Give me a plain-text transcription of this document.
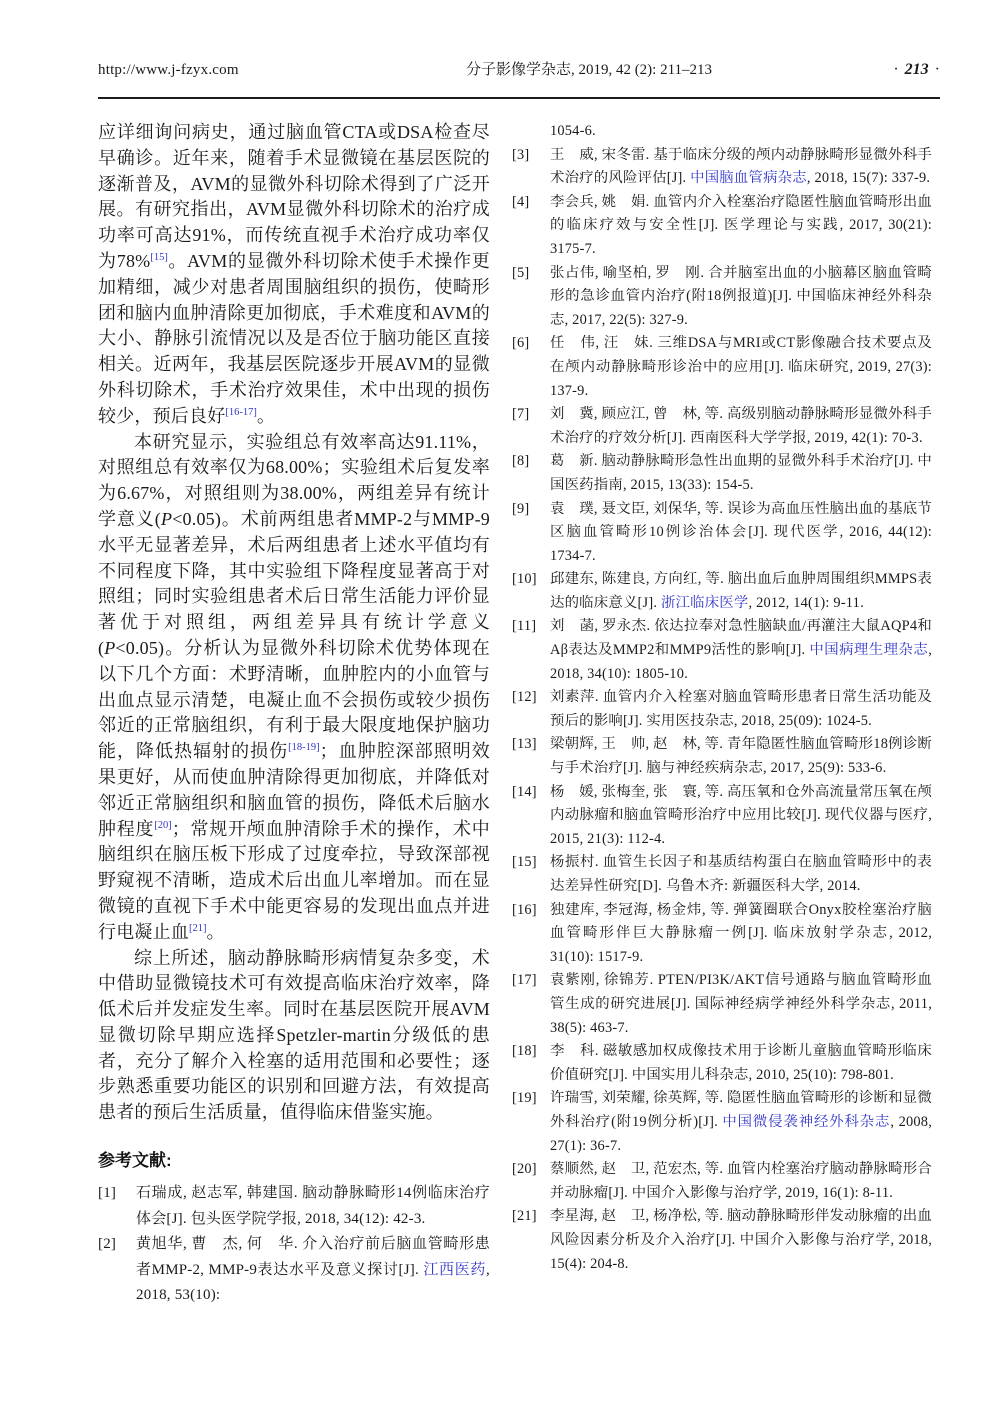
http://www.j-fzyx.com	分子影像学杂志, 2019, 42 (2): 211–213	· 213 ·

应详细询问病史，通过脑血管CTA或DSA检查尽早确诊。近年来，随着手术显微镜在基层医院的逐渐普及，AVM的显微外科切除术得到了广泛开展。有研究指出，AVM显微外科切除术的治疗成功率可高达91%，而传统直视手术治疗成功率仅为78%[15]。AVM的显微外科切除术使手术操作更加精细，减少对患者周围脑组织的损伤，使畸形团和脑内血肿清除更加彻底，手术难度和AVM的大小、静脉引流情况以及是否位于脑功能区直接相关。近两年，我基层医院逐步开展AVM的显微外科切除术，手术治疗效果佳，术中出现的损伤较少，预后良好[16-17]。

本研究显示，实验组总有效率高达91.11%，对照组总有效率仅为68.00%；实验组术后复发率为6.67%，对照组则为38.00%，两组差异有统计学意义(P<0.05)。术前两组患者MMP-2与MMP-9水平无显著差异，术后两组患者上述水平值均有不同程度下降，其中实验组下降程度显著高于对照组；同时实验组患者术后日常生活能力评价显著优于对照组，两组差异具有统计学意义(P<0.05)。分析认为显微外科切除术优势体现在以下几个方面：术野清晰，血肿腔内的小血管与出血点显示清楚，电凝止血不会损伤或较少损伤邻近的正常脑组织，有利于最大限度地保护脑功能，降低热辐射的损伤[18-19]；血肿腔深部照明效果更好，从而使血肿清除得更加彻底，并降低对邻近正常脑组织和脑血管的损伤，降低术后脑水肿程度[20]；常规开颅血肿清除手术的操作，术中脑组织在脑压板下形成了过度牵拉，导致深部视野窥视不清晰，造成术后出血儿率增加。而在显微镜的直视下手术中能更容易的发现出血点并进行电凝止血[21]。

综上所述，脑动静脉畸形病情复杂多变，术中借助显微镜技术可有效提高临床治疗效率，降低术后并发症发生率。同时在基层医院开展AVM显微切除早期应选择Spetzler-martin分级低的患者，充分了解介入栓塞的适用范围和必要性；逐步熟悉重要功能区的识别和回避方法，有效提高患者的预后生活质量，值得临床借鉴实施。

参考文献:
[1]	石瑞成, 赵志军, 韩建国. 脑动静脉畸形14例临床治疗体会[J]. 包头医学院学报, 2018, 34(12): 42-3.
[2]	黄旭华, 曹　杰, 何　华. 介入治疗前后脑血管畸形患者MMP-2, MMP-9表达水平及意义探讨[J]. 江西医药, 2018, 53(10):
1054-6.
[3]	王　威, 宋冬雷. 基于临床分级的颅内动静脉畸形显微外科手术治疗的风险评估[J]. 中国脑血管病杂志, 2018, 15(7): 337-9.
[4]	李会兵, 姚　娟. 血管内介入栓塞治疗隐匿性脑血管畸形出血的临床疗效与安全性[J]. 医学理论与实践, 2017, 30(21): 3175-7.
[5]	张占伟, 喻坚柏, 罗　刚. 合并脑室出血的小脑幕区脑血管畸形的急诊血管内治疗(附18例报道)[J]. 中国临床神经外科杂志, 2017, 22(5): 327-9.
[6]	任　伟, 汪　妹. 三维DSA与MRI或CT影像融合技术要点及在颅内动静脉畸形诊治中的应用[J]. 临床研究, 2019, 27(3): 137-9.
[7]	刘　冀, 顾应江, 曾　林, 等. 高级别脑动静脉畸形显微外科手术治疗的疗效分析[J]. 西南医科大学学报, 2019, 42(1): 70-3.
[8]	葛　新. 脑动静脉畸形急性出血期的显微外科手术治疗[J]. 中国医药指南, 2015, 13(33): 154-5.
[9]	袁　璞, 聂文臣, 刘保华, 等. 误诊为高血压性脑出血的基底节区脑血管畸形10例诊治体会[J]. 现代医学, 2016, 44(12): 1734-7.
[10] 邱建东, 陈建良, 方向红, 等. 脑出血后血肿周围组织MMPS表达的临床意义[J]. 浙江临床医学, 2012, 14(1): 9-11.
[11] 刘　菡, 罗永杰. 依达拉奉对急性脑缺血/再灌注大鼠AQP4和Aβ表达及MMP2和MMP9活性的影响[J]. 中国病理生理杂志, 2018, 34(10): 1805-10.
[12] 刘素萍. 血管内介入栓塞对脑血管畸形患者日常生活功能及预后的影响[J]. 实用医技杂志, 2018, 25(09): 1024-5.
[13] 梁朝辉, 王　帅, 赵　林, 等. 青年隐匿性脑血管畸形18例诊断与手术治疗[J]. 脑与神经疾病杂志, 2017, 25(9): 533-6.
[14] 杨　媛, 张梅奎, 张　寰, 等. 高压氧和仓外高流量常压氧在颅内动脉瘤和脑血管畸形治疗中应用比较[J]. 现代仪器与医疗, 2015, 21(3): 112-4.
[15] 杨振村. 血管生长因子和基质结构蛋白在脑血管畸形中的表达差异性研究[D]. 乌鲁木齐: 新疆医科大学, 2014.
[16] 独建库, 李冠海, 杨金炜, 等. 弹簧圈联合Onyx胶栓塞治疗脑血管畸形伴巨大静脉瘤一例[J]. 临床放射学杂志, 2012, 31(10): 1517-9.
[17] 袁紫刚, 徐锦芳. PTEN/PI3K/AKT信号通路与脑血管畸形血管生成的研究进展[J]. 国际神经病学神经外科学杂志, 2011, 38(5): 463-7.
[18] 李　科. 磁敏感加权成像技术用于诊断儿童脑血管畸形临床价值研究[J]. 中国实用儿科杂志, 2010, 25(10): 798-801.
[19] 许瑞雪, 刘荣耀, 徐英辉, 等. 隐匿性脑血管畸形的诊断和显微外科治疗(附19例分析)[J]. 中国微侵袭神经外科杂志, 2008, 27(1): 36-7.
[20] 蔡顺然, 赵　卫, 范宏杰, 等. 血管内栓塞治疗脑动静脉畸形合并动脉瘤[J]. 中国介入影像与治疗学, 2019, 16(1): 8-11.
[21] 李星海, 赵　卫, 杨净松, 等. 脑动静脉畸形伴发动脉瘤的出血风险因素分析及介入治疗[J]. 中国介入影像与治疗学, 2018, 15(4): 204-8.
